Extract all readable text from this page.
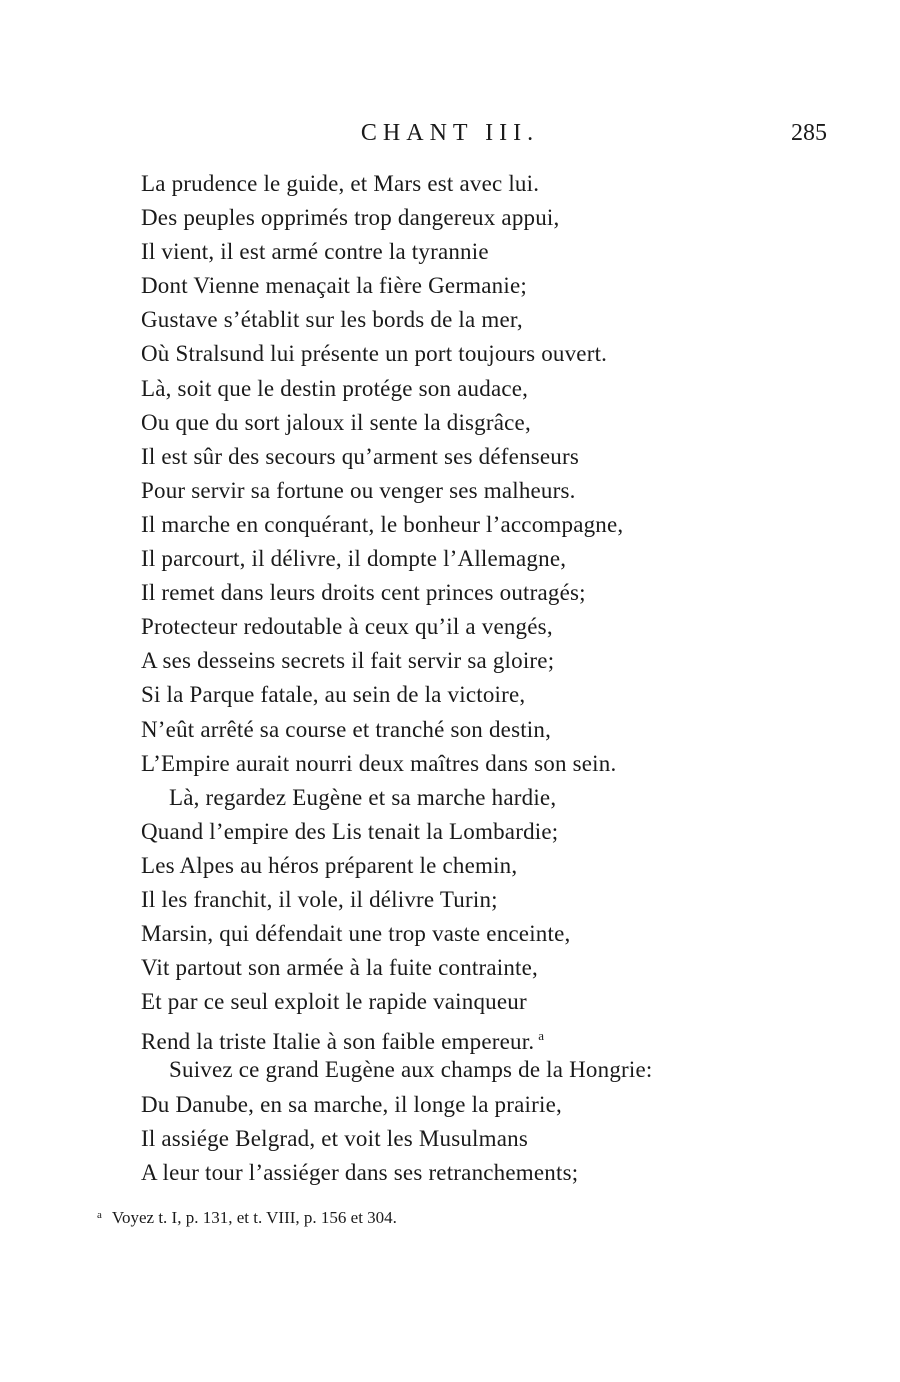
CHANT III.	285
La prudence le guide, et Mars est avec lui.
Des peuples opprimés trop dangereux appui,
Il vient, il est armé contre la tyrannie
Dont Vienne menaçait la fière Germanie;
Gustave s’établit sur les bords de la mer,
Où Stralsund lui présente un port toujours ouvert.
Là, soit que le destin protége son audace,
Ou que du sort jaloux il sente la disgrâce,
Il est sûr des secours qu’arment ses défenseurs
Pour servir sa fortune ou venger ses malheurs.
Il marche en conquérant, le bonheur l’accompagne,
Il parcourt, il délivre, il dompte l’Allemagne,
Il remet dans leurs droits cent princes outragés;
Protecteur redoutable à ceux qu’il a vengés,
A ses desseins secrets il fait servir sa gloire;
Si la Parque fatale, au sein de la victoire,
N’eût arrêté sa course et tranché son destin,
L’Empire aurait nourri deux maîtres dans son sein.
Là, regardez Eugène et sa marche hardie,
Quand l’empire des Lis tenait la Lombardie;
Les Alpes au héros préparent le chemin,
Il les franchit, il vole, il délivre Turin;
Marsin, qui défendait une trop vaste enceinte,
Vit partout son armée à la fuite contrainte,
Et par ce seul exploit le rapide vainqueur
Rend la triste Italie à son faible empereur. $^a$
Suivez ce grand Eugène aux champs de la Hongrie:
Du Danube, en sa marche, il longe la prairie,
Il assiége Belgrad, et voit les Musulmans
A leur tour l’assiéger dans ses retranchements;
$^a$ Voyez t. I, p. 131, et t. VIII, p. 156 et 304.
